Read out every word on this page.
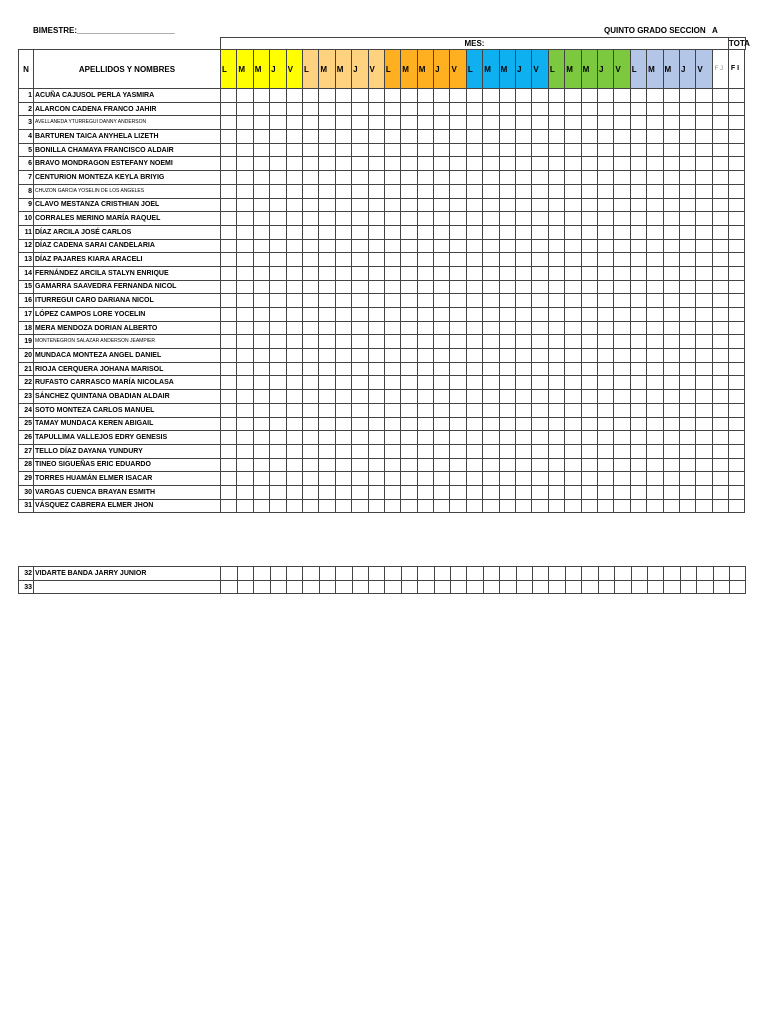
BIMESTRE:______________________	QUINTO GRADO SECCION   A
		MES:																															TOTA
N	APELLIDOS Y NOMBRES	L	M	M	J	V	L	M	M	J	V	L	M	M	J	V	L	M	M	J	V	L	M	M	J	V	L	M	M	J	V	F J	F I
1	ACUÑA CAJUSOL PERLA YASMIRA																																
2	ALARCON CADENA FRANCO JAHIR																																
3	AVELLANEDA YTURREGUI DANNY ANDERSON																																
4	BARTUREN TAICA ANYHELA LIZETH																																
5	BONILLA CHAMAYA FRANCISCO ALDAIR																																
6	BRAVO MONDRAGON ESTEFANY NOEMI																																
7	CENTURION MONTEZA KEYLA BRIYIG																																
8	CHUZON GARCIA YOSELIN DE LOS ANGELES																																
9	CLAVO MESTANZA CRISTHIAN JOEL																																
10	CORRALES MERINO MARÍA RAQUEL																																
11	DÍAZ ARCILA JOSÉ CARLOS																																
12	DÍAZ CADENA SARAI CANDELARIA																																
13	DÍAZ PAJARES KIARA ARACELI																																
14	FERNÁNDEZ ARCILA STALYN ENRIQUE																																
15	GAMARRA SAAVEDRA FERNANDA NICOL																																
16	ITURREGUI CARO DARIANA NICOL																																
17	LÓPEZ CAMPOS LORE YOCELIN																																
18	MERA MENDOZA DORIAN ALBERTO																																
19	MONTENEGRON SALAZAR ANDERSON JEAMPIER																																
20	MUNDACA MONTEZA ANGEL DANIEL																																
21	RIOJA CERQUERA JOHANA MARISOL																																
22	RUFASTO CARRASCO MARÍA NICOLASA																																
23	SÁNCHEZ QUINTANA OBADIAN ALDAIR																																
24	SOTO MONTEZA CARLOS MANUEL																																
25	TAMAY MUNDACA KEREN ABIGAIL																																
26	TAPULLIMA VALLEJOS EDRY GENESIS																																
27	TELLO DÍAZ DAYANA YUNDURY																																
28	TINEO SIGUEÑAS ERIC EDUARDO																																
29	TORRES HUAMÁN ELMER ISACAR																																
30	VARGAS CUENCA BRAYAN ESMITH																																
31	VÁSQUEZ CABRERA ELMER JHON																																
32	VIDARTE BANDA JARRY JUNIOR																																
33																																	
